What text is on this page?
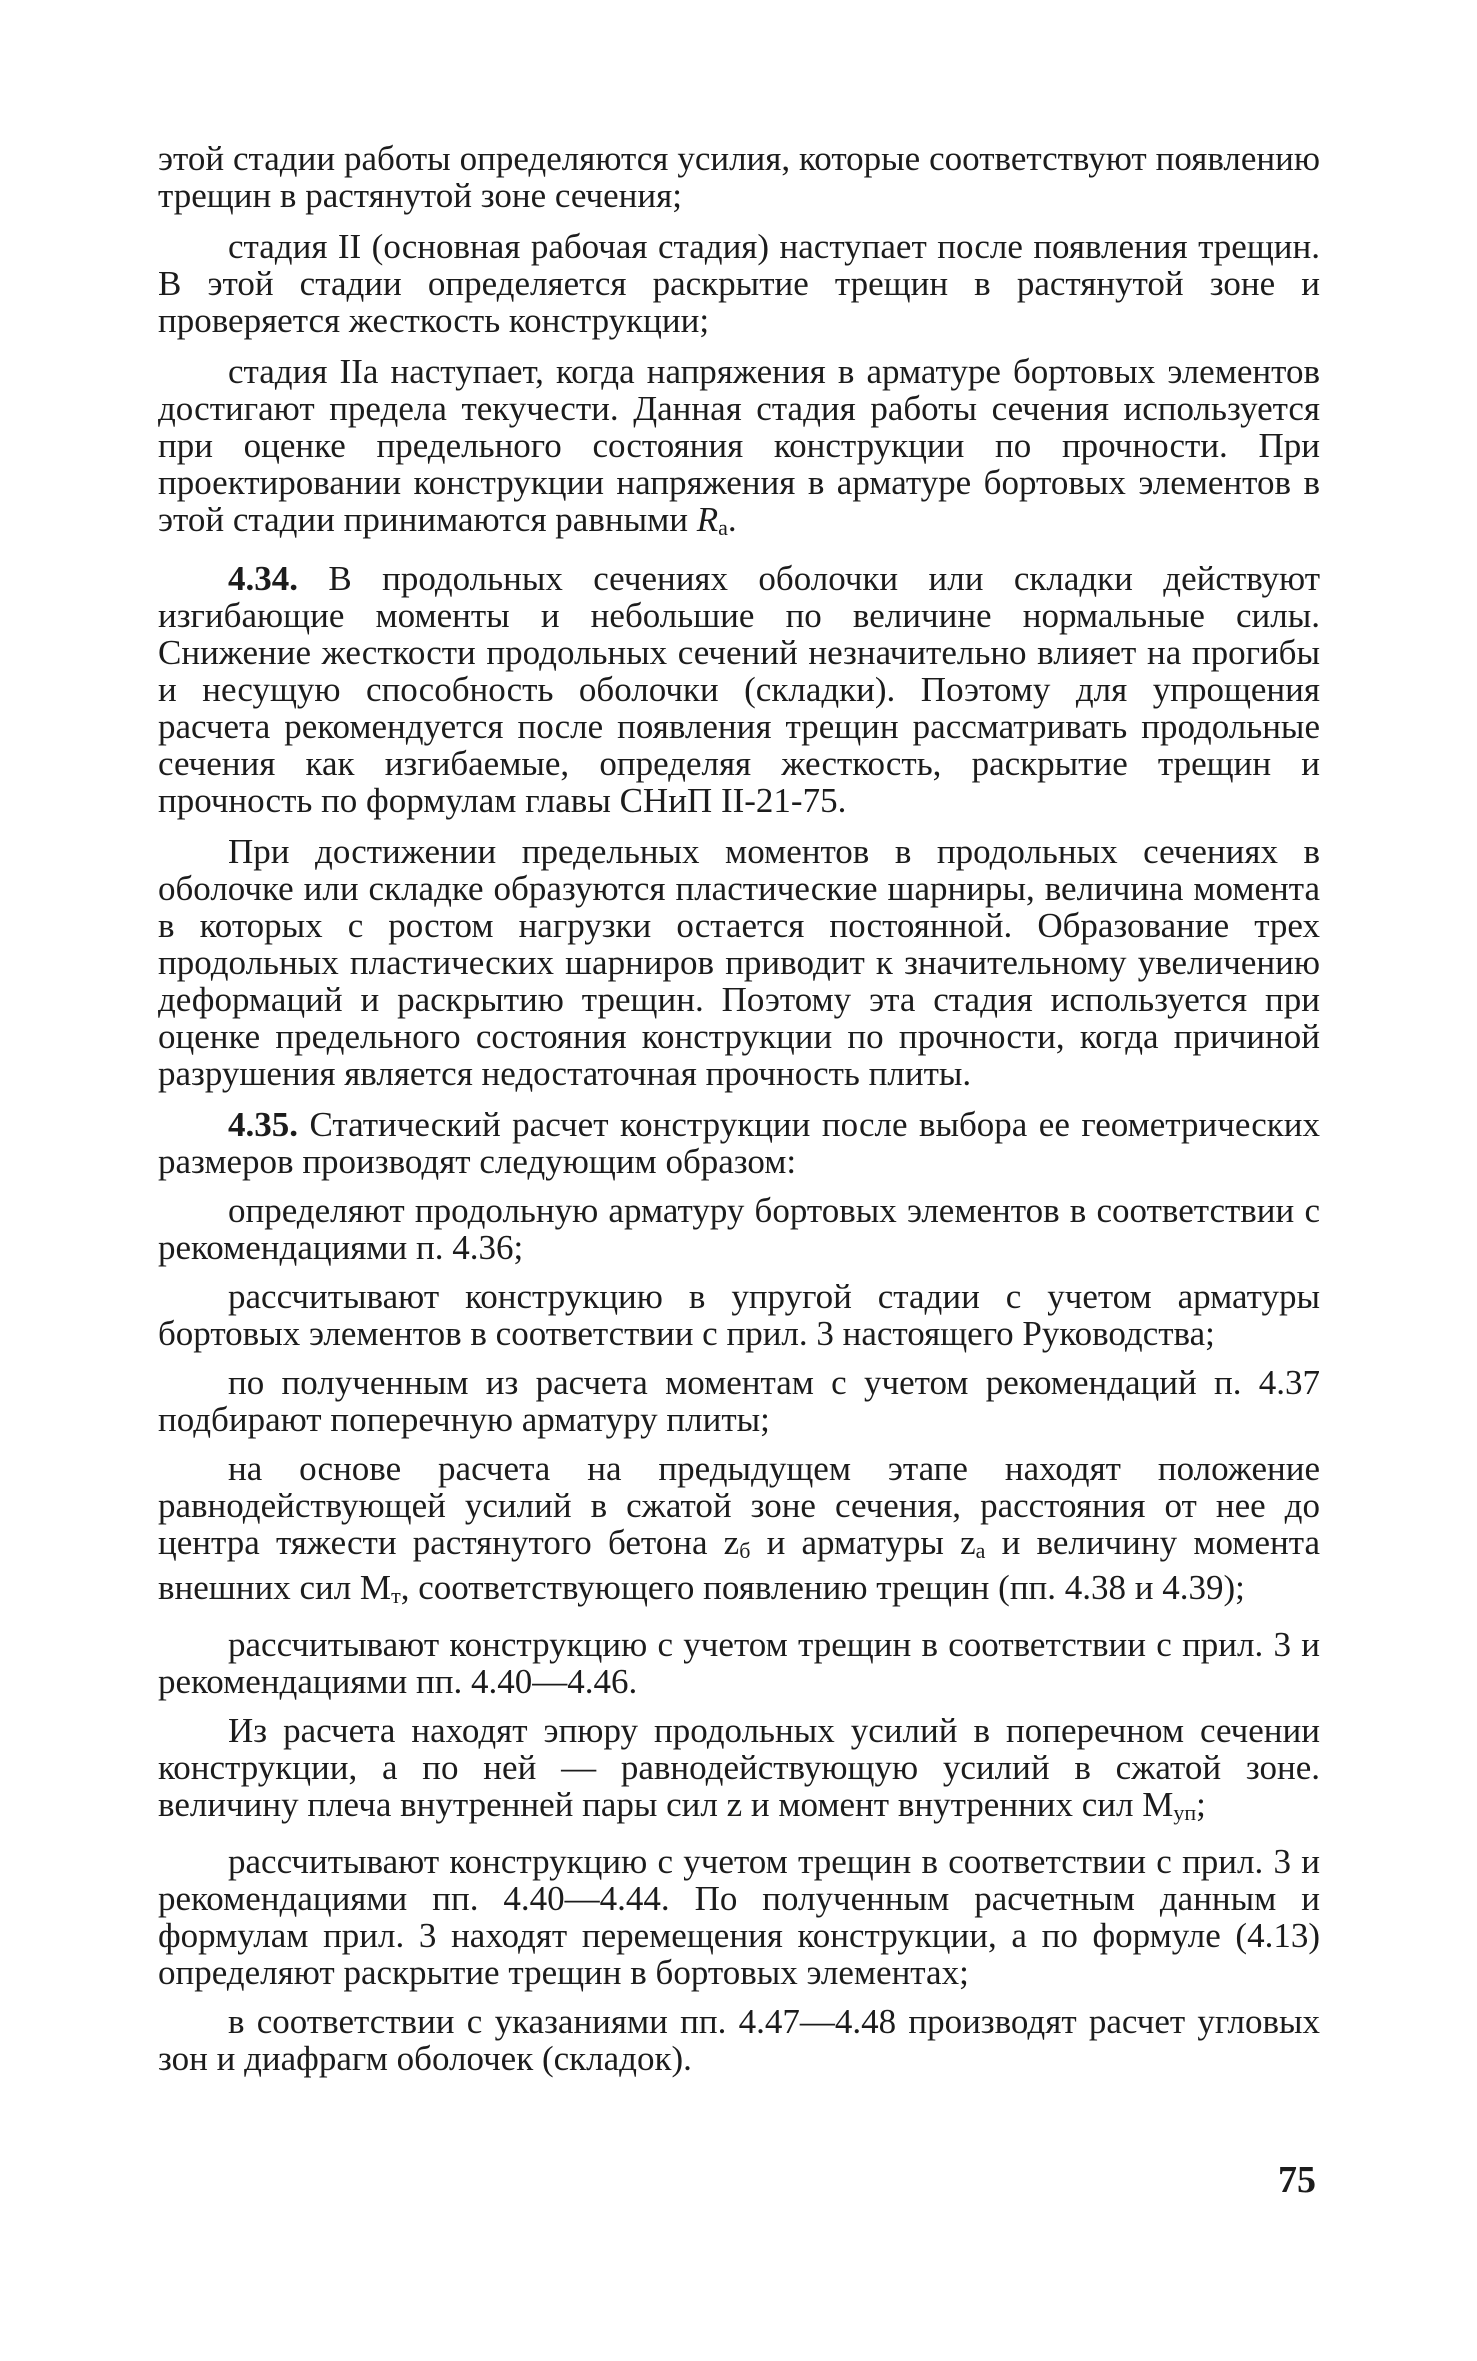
этой стадии работы определяются усилия, которые соответствуют появлению трещин в растянутой зоне сечения;

стадия II (основная рабочая стадия) наступает после появления трещин. В этой стадии определяется раскрытие трещин в растянутой зоне и проверяется жесткость конструкции;

стадия IIа наступает, когда напряжения в арматуре бортовых элементов достигают предела текучести. Данная стадия работы сечения используется при оценке предельного состояния конструкции по прочности. При проектировании конструкции напряжения в арматуре бортовых элементов в этой стадии принимаются равными Rа.

4.34. В продольных сечениях оболочки или складки действуют изгибающие моменты и небольшие по величине нормальные силы. Снижение жесткости продольных сечений незначительно влияет на прогибы и несущую способность оболочки (складки). Поэтому для упрощения расчета рекомендуется после появления трещин рассматривать продольные сечения как изгибаемые, определяя жесткость, раскрытие трещин и прочность по формулам главы СНиП II-21-75.

При достижении предельных моментов в продольных сечениях в оболочке или складке образуются пластические шарниры, величина момента в которых с ростом нагрузки остается постоянной. Образование трех продольных пластических шарниров приводит к значительному увеличению деформаций и раскрытию трещин. Поэтому эта стадия используется при оценке предельного состояния конструкции по прочности, когда причиной разрушения является недостаточная прочность плиты.

4.35. Статический расчет конструкции после выбора ее геометрических размеров производят следующим образом:

определяют продольную арматуру бортовых элементов в соответствии с рекомендациями п. 4.36;

рассчитывают конструкцию в упругой стадии с учетом арматуры бортовых элементов в соответствии с прил. 3 настоящего Руководства;

по полученным из расчета моментам с учетом рекомендаций п. 4.37 подбирают поперечную арматуру плиты;

на основе расчета на предыдущем этапе находят положение равнодействующей усилий в сжатой зоне сечения, расстояния от нее до центра тяжести растянутого бетона zб и арматуры zа и величину момента внешних сил Мт, соответствующего появлению трещин (пп. 4.38 и 4.39);

рассчитывают конструкцию с учетом трещин в соответствии с прил. 3 и рекомендациями пп. 4.40—4.46.

Из расчета находят эпюру продольных усилий в поперечном сечении конструкции, а по ней — равнодействующую усилий в сжатой зоне. величину плеча внутренней пары сил z и момент внутренних сил Муп;

рассчитывают конструкцию с учетом трещин в соответствии с прил. 3 и рекомендациями пп. 4.40—4.44. По полученным расчетным данным и формулам прил. 3 находят перемещения конструкции, а по формуле (4.13) определяют раскрытие трещин в бортовых элементах;

в соответствии с указаниями пп. 4.47—4.48 производят расчет угловых зон и диафрагм оболочек (складок).

75
